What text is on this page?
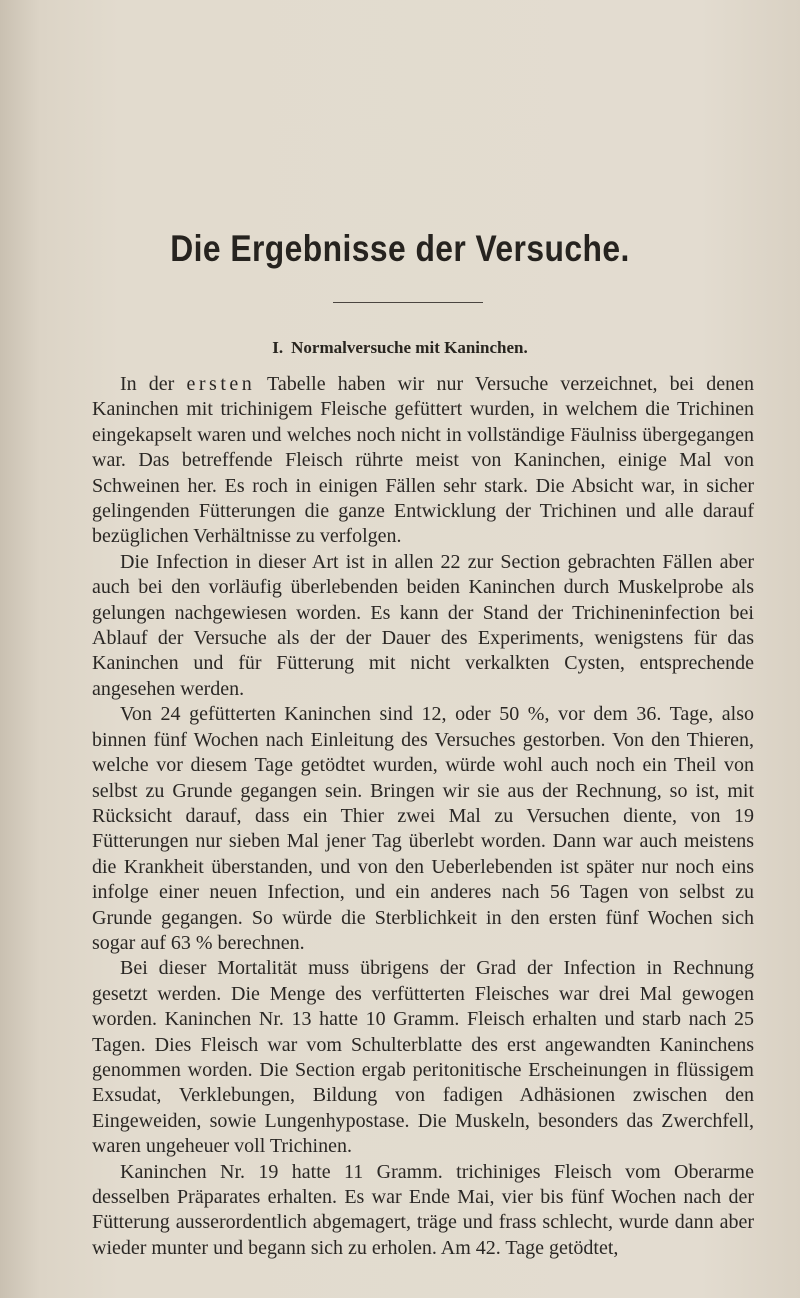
Die Ergebnisse der Versuche.
I. Normalversuche mit Kaninchen.

In der ersten Tabelle haben wir nur Versuche verzeichnet, bei denen Kaninchen mit trichinigem Fleische gefüttert wurden, in welchem die Trichinen eingekapselt waren und welches noch nicht in vollständige Fäulniss übergegangen war. Das betreffende Fleisch rührte meist von Kaninchen, einige Mal von Schweinen her. Es roch in einigen Fällen sehr stark. Die Absicht war, in sicher gelingenden Fütterungen die ganze Entwicklung der Trichinen und alle darauf bezüglichen Verhältnisse zu verfolgen.

Die Infection in dieser Art ist in allen 22 zur Section gebrachten Fällen aber auch bei den vorläufig überlebenden beiden Kaninchen durch Muskelprobe als gelungen nachgewiesen worden. Es kann der Stand der Trichineninfection bei Ablauf der Versuche als der der Dauer des Experiments, wenigstens für das Kaninchen und für Fütterung mit nicht verkalkten Cysten, entsprechende angesehen werden.

Von 24 gefütterten Kaninchen sind 12, oder 50 %, vor dem 36. Tage, also binnen fünf Wochen nach Einleitung des Versuches gestorben. Von den Thieren, welche vor diesem Tage getödtet wurden, würde wohl auch noch ein Theil von selbst zu Grunde gegangen sein. Bringen wir sie aus der Rechnung, so ist, mit Rücksicht darauf, dass ein Thier zwei Mal zu Versuchen diente, von 19 Fütterungen nur sieben Mal jener Tag überlebt worden. Dann war auch meistens die Krankheit überstanden, und von den Ueberlebenden ist später nur noch eins infolge einer neuen Infection, und ein anderes nach 56 Tagen von selbst zu Grunde gegangen. So würde die Sterblichkeit in den ersten fünf Wochen sich sogar auf 63 % berechnen.

Bei dieser Mortalität muss übrigens der Grad der Infection in Rechnung gesetzt werden. Die Menge des verfütterten Fleisches war drei Mal gewogen worden. Kaninchen Nr. 13 hatte 10 Gramm. Fleisch erhalten und starb nach 25 Tagen. Dies Fleisch war vom Schulterblatte des erst angewandten Kaninchens genommen worden. Die Section ergab peritonitische Erscheinungen in flüssigem Exsudat, Verklebungen, Bildung von fadigen Adhäsionen zwischen den Eingeweiden, sowie Lungenhypostase. Die Muskeln, besonders das Zwerchfell, waren ungeheuer voll Trichinen.

Kaninchen Nr. 19 hatte 11 Gramm. trichiniges Fleisch vom Oberarme desselben Präparates erhalten. Es war Ende Mai, vier bis fünf Wochen nach der Fütterung ausserordentlich abgemagert, träge und frass schlecht, wurde dann aber wieder munter und begann sich zu erholen. Am 42. Tage getödtet,
